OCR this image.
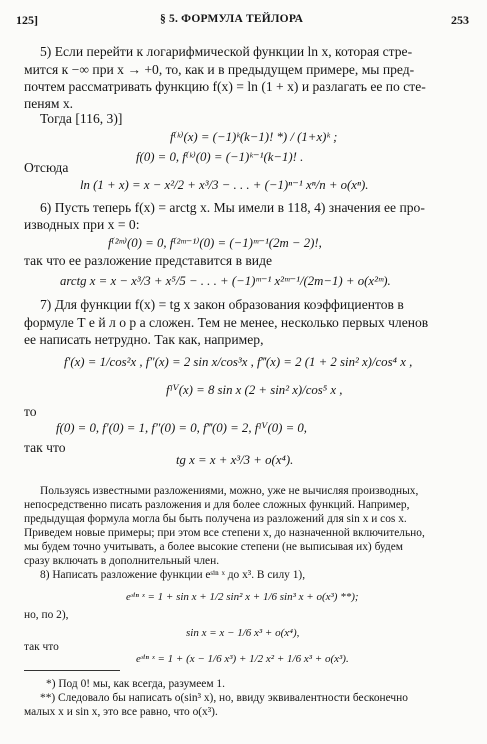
125]	§ 5. ФОРМУЛА ТЕЙЛОРА	253
5) Если перейти к логарифмической функции ln x, которая стре-
мится к −∞ при x → +0, то, как и в предыдущем примере, мы пред-
почтем рассматривать функцию f(x) = ln (1 + x) и разлагать ее по сте-
пеням x.
Тогда [116, 3)]
f⁽ᵏ⁾(x) = (−1)ᵏ(k−1)! *) / (1+x)ᵏ ;
f(0) = 0, f⁽ᵏ⁾(0) = (−1)ᵏ⁻¹(k−1)! .
Отсюда
ln (1 + x) = x − x²/2 + x³/3 − . . . + (−1)ⁿ⁻¹ xⁿ/n + o(xⁿ).
6) Пусть теперь f(x) = arctg x. Мы имели в 118, 4) значения ее про-
изводных при x = 0:
f⁽²ᵐ⁾(0) = 0, f⁽²ᵐ⁻¹⁾(0) = (−1)ᵐ⁻¹(2m − 2)!,
так что ее разложение представится в виде
arctg x = x − x³/3 + x⁵/5 − . . . + (−1)ᵐ⁻¹ x²ᵐ⁻¹/(2m−1) + o(x²ᵐ).
7) Для функции f(x) = tg x закон образования коэффициентов в
формуле Т е й л о р а сложен. Тем не менее, несколько первых членов
ее написать нетрудно. Так как, например,
f′(x) = 1/cos²x , f″(x) = 2 sin x/cos³x , f‴(x) = 2 (1 + 2 sin² x)/cos⁴ x ,
fᴵⱽ(x) = 8 sin x (2 + sin² x)/cos⁵ x ,
то
f(0) = 0, f′(0) = 1, f″(0) = 0, f‴(0) = 2, fᴵⱽ(0) = 0,
так что
tg x = x + x³/3 + o(x⁴).
Пользуясь известными разложениями, можно, уже не вычисляя производных,
непосредственно писать разложения и для более сложных функций. Например,
предыдущая формула могла бы быть получена из разложений для sin x и cos x.
Приведем новые примеры; при этом все степени x, до назначенной включительно,
мы будем точно учитывать, а более высокие степени (не выписывая их) будем
сразу включать в дополнительный член.
8) Написать разложение функции eˢⁱⁿ ˣ до x³. В силу 1),
eˢⁱⁿ ˣ = 1 + sin x + 1/2 sin² x + 1/6 sin³ x + o(x³) **);
но, по 2),
sin x = x − 1/6 x³ + o(x⁴),
так что
eˢⁱⁿ ˣ = 1 + (x − 1/6 x³) + 1/2 x² + 1/6 x³ + o(x³).
*) Под 0! мы, как всегда, разумеем 1.
**) Следовало бы написать o(sin³ x), но, ввиду эквивалентности бесконечно
малых x и sin x, это все равно, что o(x³).
